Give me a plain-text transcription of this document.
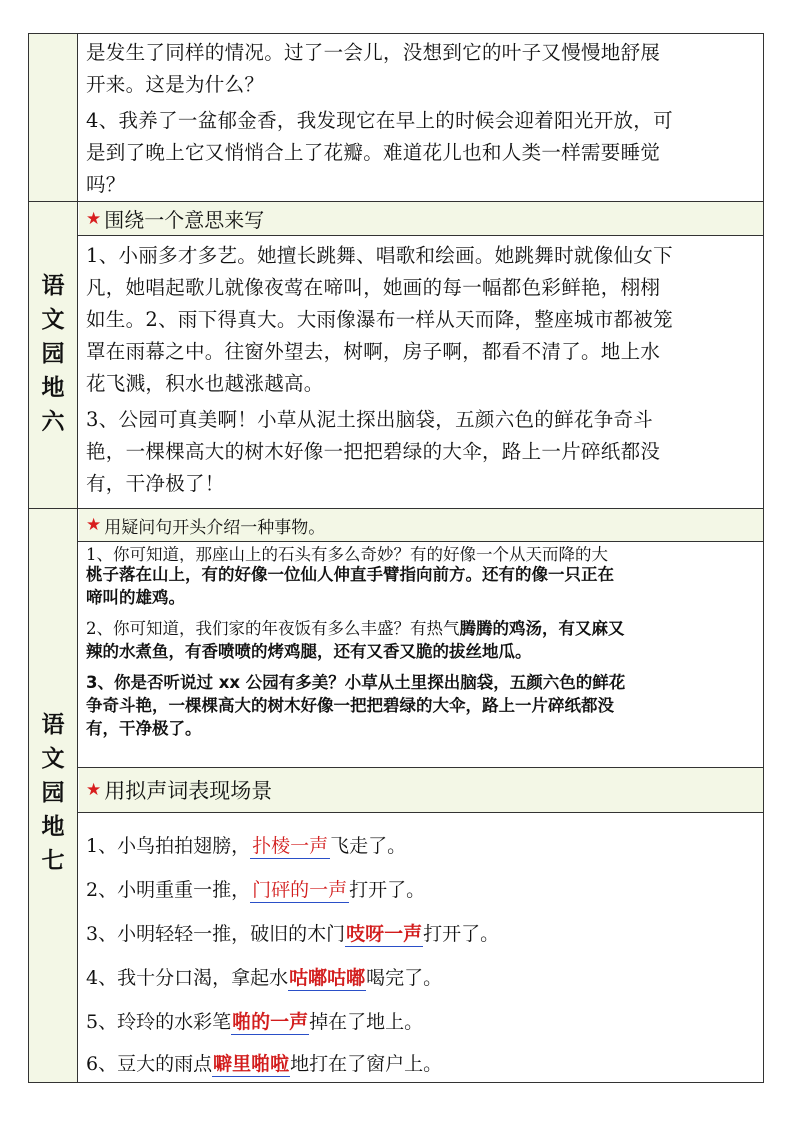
语
文
园
地
六
语
文
园
地
七

是发生了同样的情况。过了一会儿，没想到它的叶子又慢慢地舒展

开来。这是为什么？

4、我养了一盆郁金香，我发现它在早上的时候会迎着阳光开放，可

是到了晚上它又悄悄合上了花瓣。难道花儿也和人类一样需要睡觉

吗？

★ 围绕一个意思来写

1、小丽多才多艺。她擅长跳舞、唱歌和绘画。她跳舞时就像仙女下

凡，她唱起歌儿就像夜莺在啼叫，她画的每一幅都色彩鲜艳，栩栩

如生。2、雨下得真大。大雨像瀑布一样从天而降，整座城市都被笼

罩在雨幕之中。往窗外望去，树啊，房子啊，都看不清了。地上水

花飞溅，积水也越涨越高。

3、公园可真美啊！小草从泥土探出脑袋，五颜六色的鲜花争奇斗

艳，一棵棵高大的树木好像一把把碧绿的大伞，路上一片碎纸都没

有，干净极了！

★ 用疑问句开头介绍一种事物。

1、你可知道，那座山上的石头有多么奇妙？有的好像一个从天而降的大

桃子落在山上，有的好像一位仙人伸直手臂指向前方。还有的像一只正在

啼叫的雄鸡。

2、你可知道，我们家的年夜饭有多么丰盛？有热气腾腾的鸡汤，有又麻又

辣的水煮鱼，有香喷喷的烤鸡腿，还有又香又脆的拔丝地瓜。

3、你是否听说过 xx 公园有多美？小草从土里探出脑袋，五颜六色的鲜花

争奇斗艳，一棵棵高大的树木好像一把把碧绿的大伞，路上一片碎纸都没

有，干净极了。

★ 用拟声词表现场景

1、小鸟拍拍翅膀， 扑棱一声 飞走了。

2、小明重重一推， 门砰的一声 打开了。

3、小明轻轻一推，破旧的木门吱呀一声打开了。

4、我十分口渴，拿起水咕嘟咕嘟喝完了。

5、玲玲的水彩笔啪的一声掉在了地上。

6、豆大的雨点噼里啪啦地打在了窗户上。
